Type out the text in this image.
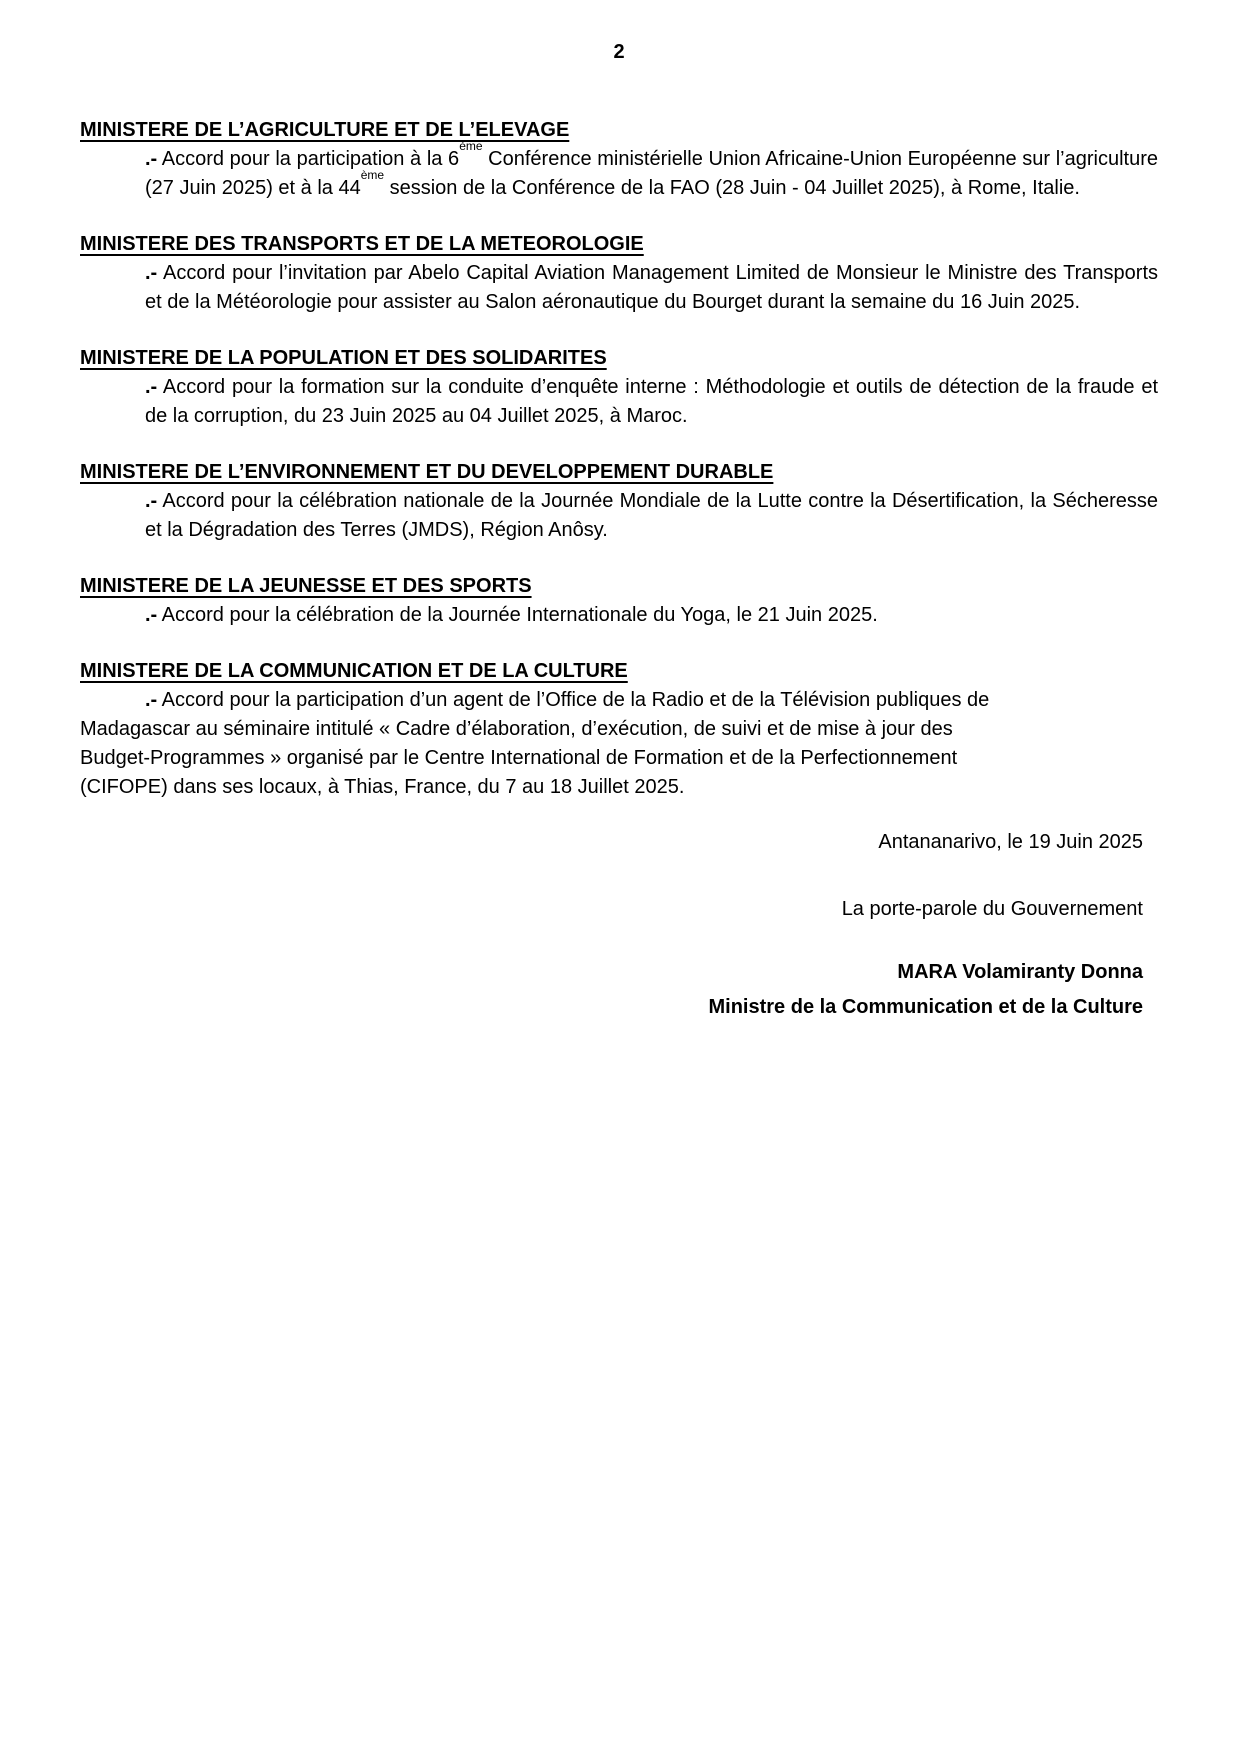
2
MINISTERE DE L’AGRICULTURE ET DE L’ELEVAGE

.- Accord pour la participation à la 6ème Conférence ministérielle Union Africaine-Union Européenne sur l’agriculture (27 Juin 2025) et à la 44ème session de la Conférence de la FAO (28 Juin - 04 Juillet 2025), à Rome, Italie.

MINISTERE DES TRANSPORTS ET DE LA METEOROLOGIE

.- Accord pour l’invitation par Abelo Capital Aviation Management Limited de Monsieur le Ministre des Transports et de la Météorologie pour assister au Salon aéronautique du Bourget durant la semaine du 16 Juin 2025.

MINISTERE DE LA POPULATION ET DES SOLIDARITES

.- Accord pour la formation sur la conduite d’enquête interne : Méthodologie et outils de détection de la fraude et de la corruption, du 23 Juin 2025 au 04 Juillet 2025, à Maroc.

MINISTERE DE L’ENVIRONNEMENT ET DU DEVELOPPEMENT DURABLE

.- Accord pour la célébration nationale de la Journée Mondiale de la Lutte contre la Désertification, la Sécheresse et la Dégradation des Terres (JMDS), Région Anôsy.

MINISTERE DE LA JEUNESSE ET DES SPORTS

.- Accord pour la célébration de la Journée Internationale du Yoga, le 21 Juin 2025.

MINISTERE DE LA COMMUNICATION ET DE LA CULTURE

.- Accord pour la participation d’un agent de l’Office de la Radio et de la Télévision publiques de
Madagascar au séminaire intitulé « Cadre d’élaboration, d’exécution, de suivi et de mise à jour des
Budget-Programmes » organisé par le Centre International de Formation et de la Perfectionnement
(CIFOPE) dans ses locaux, à Thias, France, du 7 au 18 Juillet 2025.

Antananarivo, le 19 Juin 2025
La porte-parole du Gouvernement
MARA Volamiranty Donna
Ministre de la Communication et de la Culture
